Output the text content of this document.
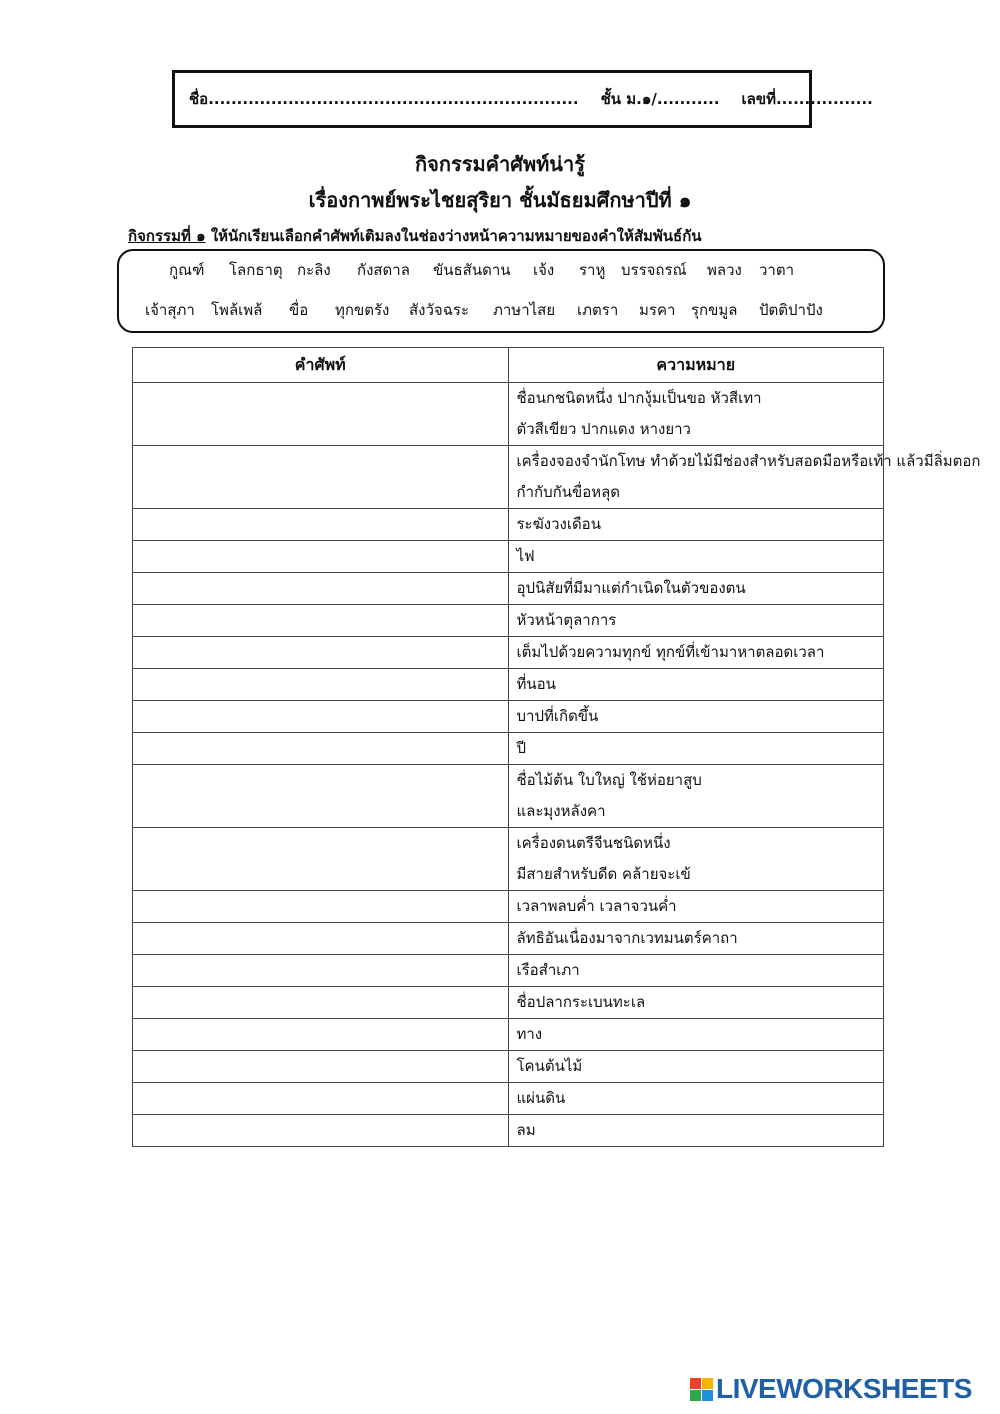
ชื่อ................................................................. ชั้น ม.๑/........... เลขที่.................
กิจกรรมคำศัพท์น่ารู้
เรื่องกาพย์พระไชยสุริยา ชั้นมัธยมศึกษาปีที่ ๑
กิจกรรมที่ ๑ ให้นักเรียนเลือกคำศัพท์เติมลงในช่องว่างหน้าความหมายของคำให้สัมพันธ์กัน
กูณฑ์ โลกธาตุ กะลิง กังสดาล ขันธสันดาน เจ้ง ราหู บรรจถรณ์ พลวง วาตา
เจ้าสุภา โพล้เพล้ ขื่อ ทุกขตรัง สังวัจฉระ ภาษาไสย เภตรา มรคา รุกขมูล ปัตติปาปัง
คำศัพท์	ความหมาย

	ชื่อนกชนิดหนึ่ง ปากงุ้มเป็นขอ หัวสีเทา
ตัวสีเขียว ปากแดง หางยาว

	เครื่องจองจำนักโทษ ทำด้วยไม้มีช่องสำหรับสอดมือหรือเท้า แล้วมีลิ่มตอก
กำกับกันขื่อหลุด

	ระฆังวงเดือน

	ไฟ

	อุปนิสัยที่มีมาแต่กำเนิดในตัวของตน

	หัวหน้าตุลาการ

	เต็มไปด้วยความทุกข์ ทุกข์ที่เข้ามาหาตลอดเวลา

	ที่นอน

	บาปที่เกิดขึ้น

	ปี

	ชื่อไม้ต้น ใบใหญ่ ใช้ห่อยาสูบ
และมุงหลังคา

	เครื่องดนตรีจีนชนิดหนึ่ง
มีสายสำหรับดีด คล้ายจะเข้

	เวลาพลบค่ำ เวลาจวนค่ำ

	ลัทธิอันเนื่องมาจากเวทมนตร์คาถา

	เรือสำเภา

	ชื่อปลากระเบนทะเล

	ทาง

	โคนต้นไม้

	แผ่นดิน

	ลม
LIVEWORKSHEETS
